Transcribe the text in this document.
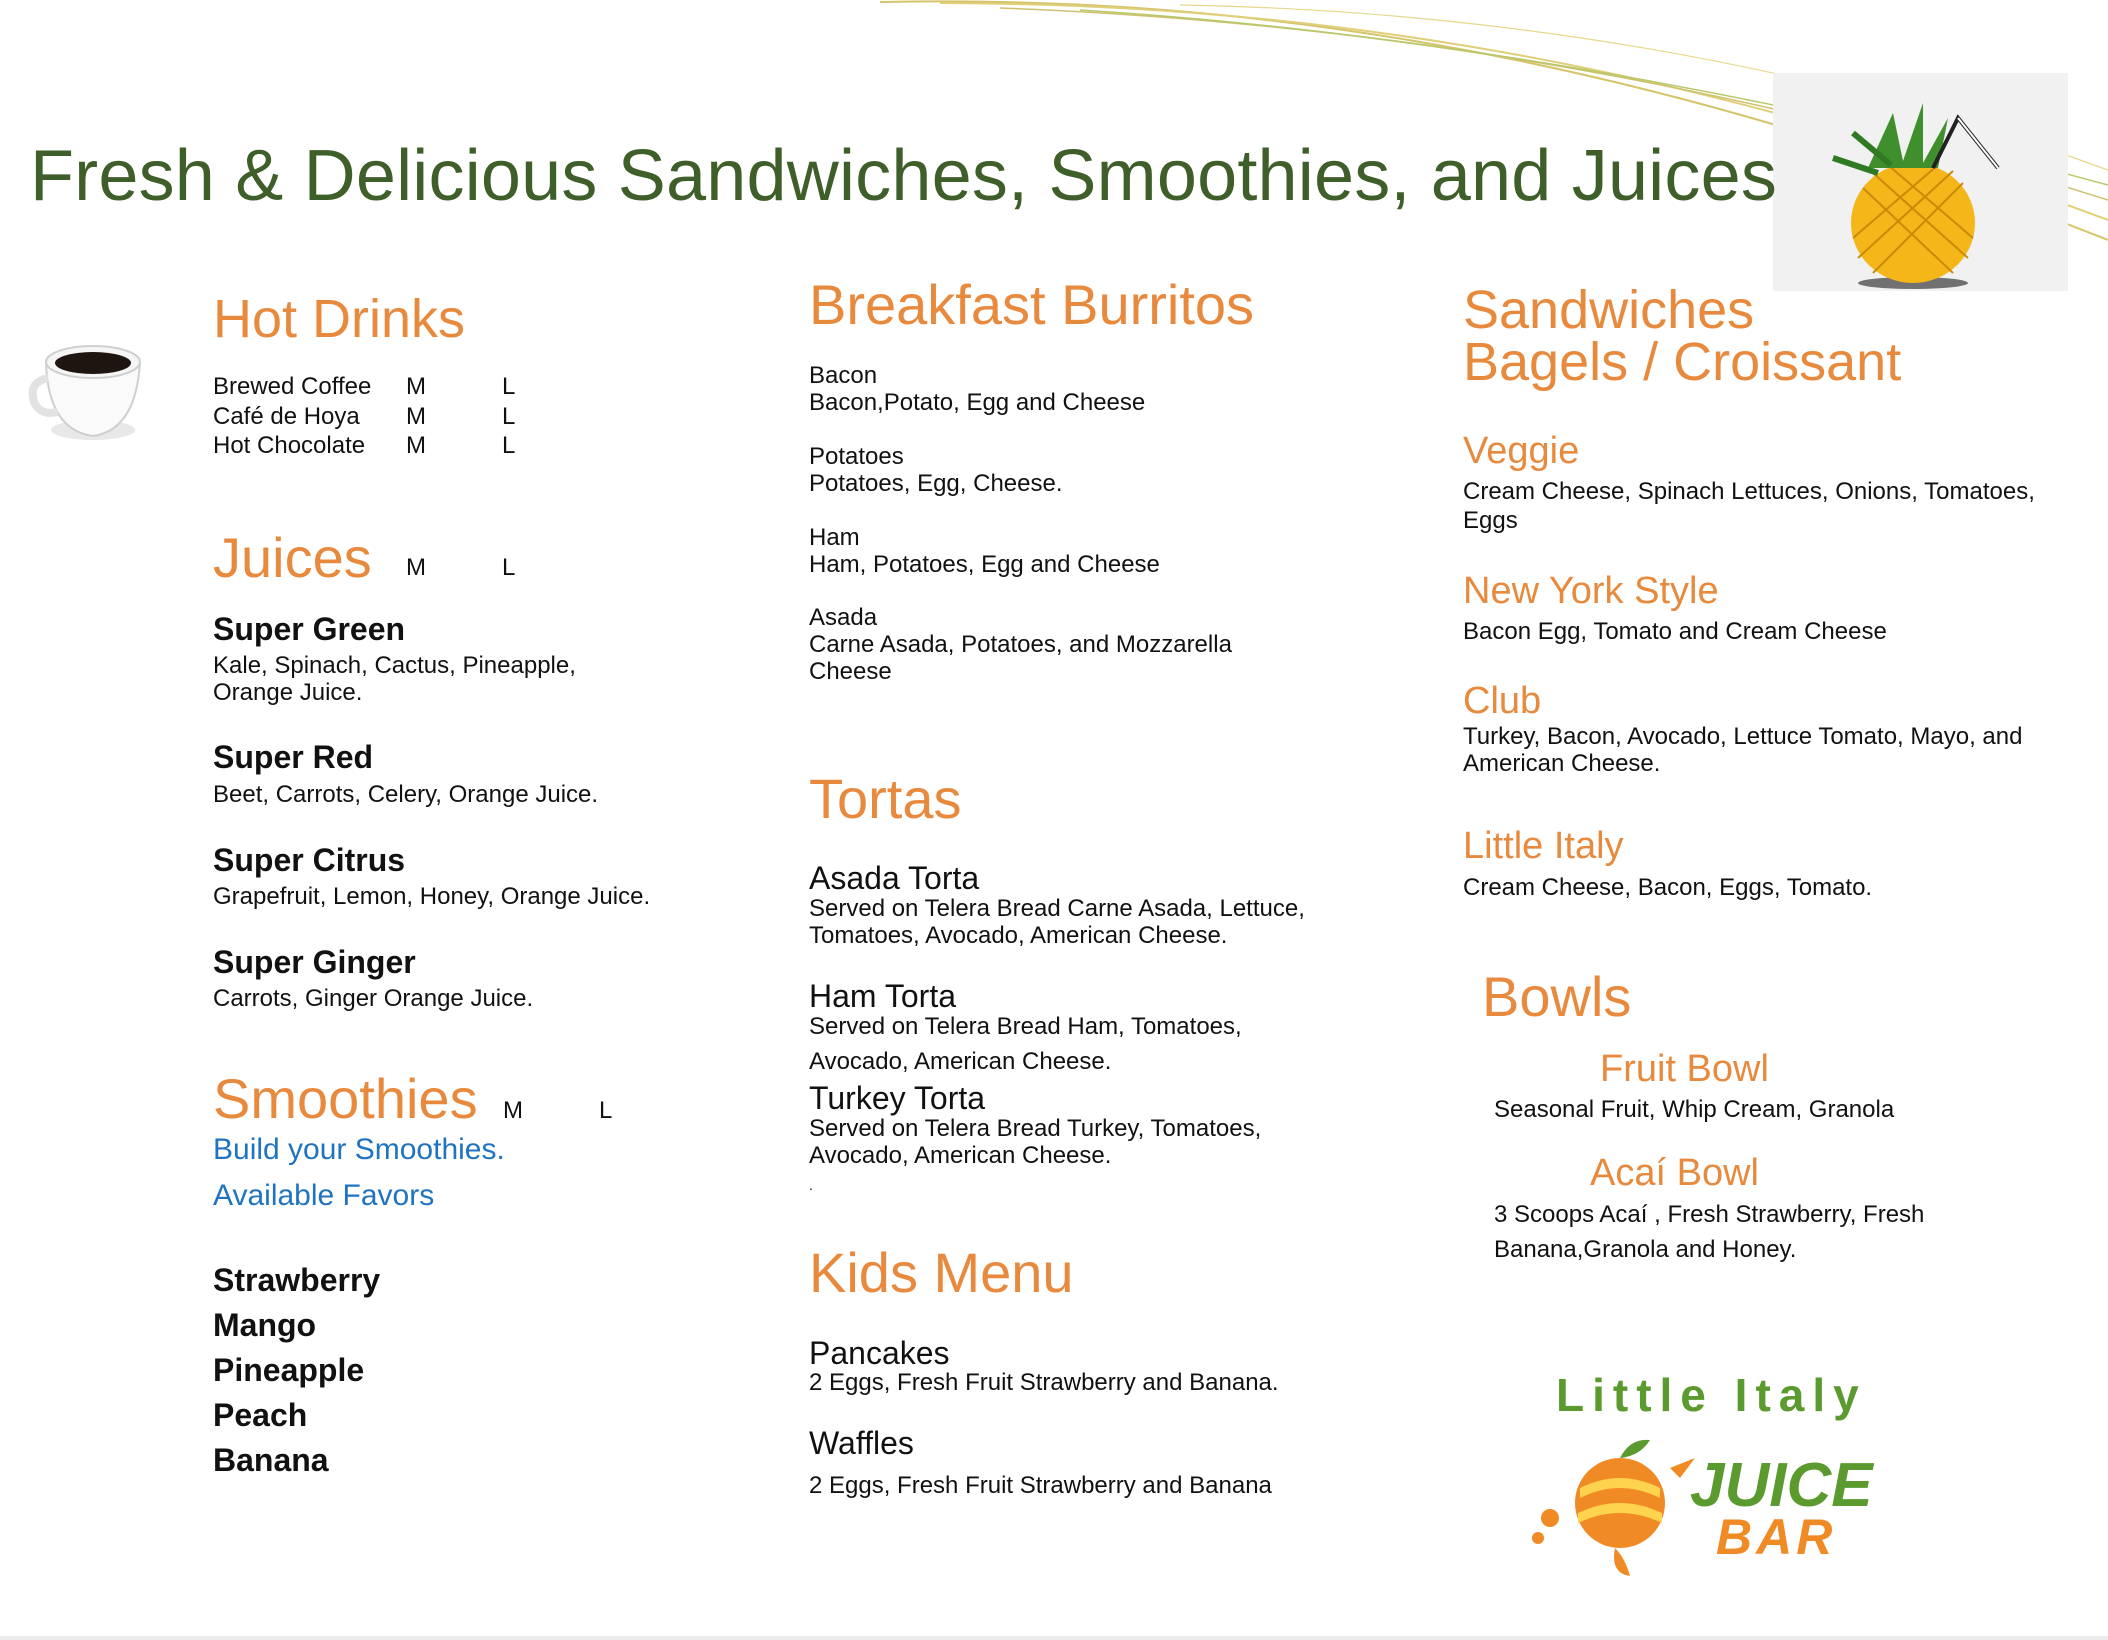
Fresh & Delicious Sandwiches, Smoothies, and Juices
Hot Drinks
Brewed Coffee M	L
Café de Hoya M	L
Hot Chocolate M	L
Juices M	L
Super Green
Kale, Spinach, Cactus, Pineapple,
Orange Juice.
Super Red
Beet, Carrots, Celery, Orange Juice.
Super Citrus
Grapefruit, Lemon, Honey, Orange Juice.
Super Ginger
Carrots, Ginger Orange Juice.
Smoothies M	L
Build your Smoothies.
Available Favors
Strawberry
Mango
Pineapple
Peach
Banana
Breakfast Burritos
Bacon
Bacon,Potato, Egg and Cheese
Potatoes
Potatoes, Egg, Cheese.
Ham
Ham, Potatoes, Egg and Cheese
Asada
Carne Asada, Potatoes, and Mozzarella
Cheese
Tortas
Asada Torta
Served on Telera Bread Carne Asada, Lettuce,
Tomatoes, Avocado, American Cheese.
Ham Torta
Served on Telera Bread Ham, Tomatoes,
Avocado, American Cheese.
Turkey Torta
Served on Telera Bread Turkey, Tomatoes,
Avocado, American Cheese.
.
Kids Menu
Pancakes
2 Eggs, Fresh Fruit Strawberry and Banana.
Waffles
2 Eggs, Fresh Fruit Strawberry and Banana
Sandwiches
Bagels / Croissant
Veggie
Cream Cheese, Spinach Lettuces, Onions, Tomatoes,
Eggs
New York Style
Bacon Egg, Tomato and Cream Cheese
Club
Turkey, Bacon, Avocado, Lettuce Tomato, Mayo, and
American Cheese.
Little Italy
Cream Cheese, Bacon, Eggs, Tomato.
Bowls
Fruit Bowl
Seasonal Fruit, Whip Cream, Granola
Acaí Bowl
3 Scoops Acaí , Fresh Strawberry, Fresh
Banana,Granola and Honey.
Little Italy
JUICE
BAR
